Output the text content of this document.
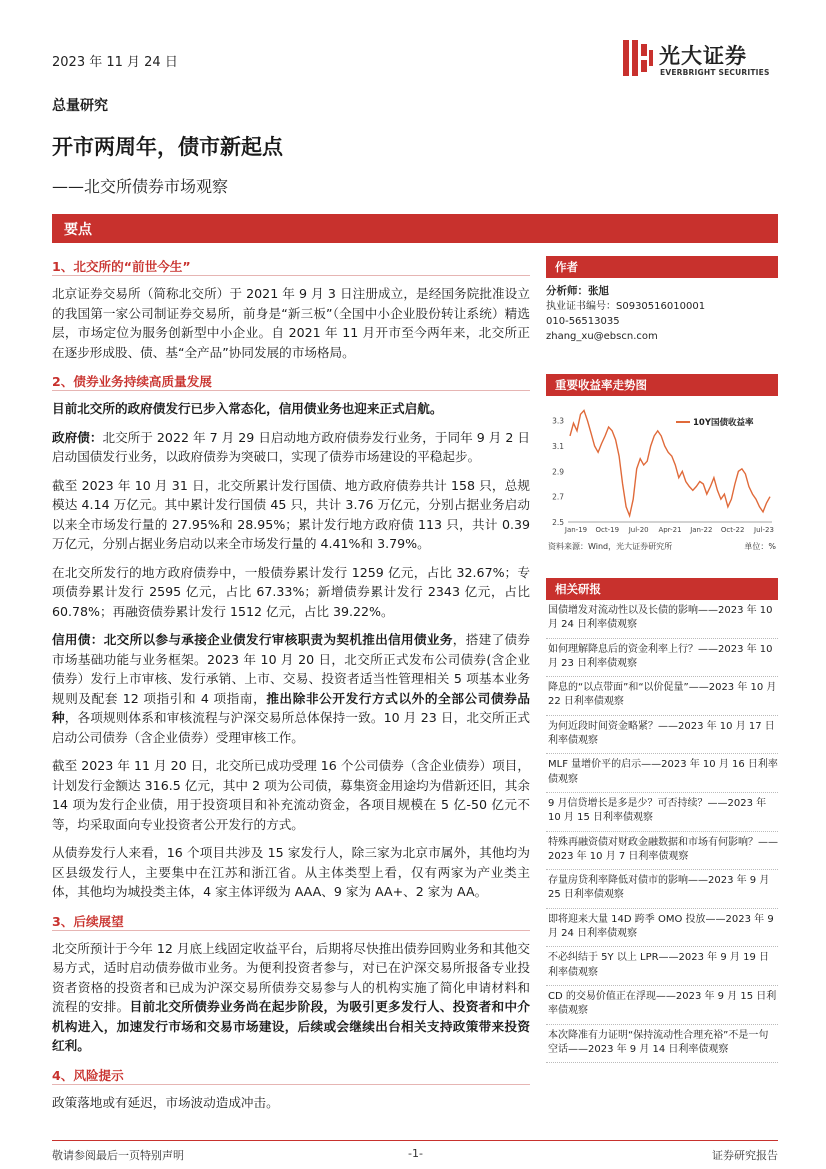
2023 年 11 月 24 日	光大证券
EVERBRIGHT SECURITIES
总量研究
开市两周年，债市新起点
——北交所债券市场观察
要点
1、北交所的“前世今生”
北京证券交易所（简称北交所）于 2021 年 9 月 3 日注册成立，是经国务院批准设立的我国第一家公司制证券交易所，前身是“新三板”（全国中小企业股份转让系统）精选层，市场定位为服务创新型中小企业。自 2021 年 11 月开市至今两年来，北交所正在逐步形成股、债、基“全产品”协同发展的市场格局。
2、债券业务持续高质量发展
目前北交所的政府债发行已步入常态化，信用债业务也迎来正式启航。
政府债：北交所于 2022 年 7 月 29 日启动地方政府债券发行业务，于同年 9 月 2 日启动国债发行业务，以政府债券为突破口，实现了债券市场建设的平稳起步。
截至 2023 年 10 月 31 日，北交所累计发行国债、地方政府债券共计 158 只，总规模达 4.14 万亿元。其中累计发行国债 45 只，共计 3.76 万亿元，分别占据业务启动以来全市场发行量的 27.95%和 28.95%；累计发行地方政府债 113 只，共计 0.39 万亿元，分别占据业务启动以来全市场发行量的 4.41%和 3.79%。
在北交所发行的地方政府债券中，一般债券累计发行 1259 亿元，占比 32.67%；专项债券累计发行 2595 亿元，占比 67.33%；新增债券累计发行 2343 亿元，占比 60.78%；再融资债券累计发行 1512 亿元，占比 39.22%。
信用债：北交所以参与承接企业债发行审核职责为契机推出信用债业务，搭建了债券市场基础功能与业务框架。2023 年 10 月 20 日，北交所正式发布公司债券(含企业债券）发行上市审核、发行承销、上市、交易、投资者适当性管理相关 5 项基本业务规则及配套 12 项指引和 4 项指南，推出除非公开发行方式以外的全部公司债券品种，各项规则体系和审核流程与沪深交易所总体保持一致。10 月 23 日，北交所正式启动公司债券（含企业债券）受理审核工作。
截至 2023 年 11 月 20 日，北交所已成功受理 16 个公司债券（含企业债券）项目，计划发行金额达 316.5 亿元，其中 2 项为公司债，募集资金用途均为借新还旧，其余 14 项为发行企业债，用于投资项目和补充流动资金，各项目规模在 5 亿-50 亿元不等，均采取面向专业投资者公开发行的方式。
从债券发行人来看，16 个项目共涉及 15 家发行人，除三家为北京市属外，其他均为区县级发行人，主要集中在江苏和浙江省。从主体类型上看，仅有两家为产业类主体，其他均为城投类主体，4 家主体评级为 AAA、9 家为 AA+、2 家为 AA。
3、后续展望
北交所预计于今年 12 月底上线固定收益平台，后期将尽快推出债券回购业务和其他交易方式，适时启动债券做市业务。为便利投资者参与，对已在沪深交易所报备专业投资者资格的投资者和已成为沪深交易所债券交易参与人的机构实施了简化申请材料和流程的安排。目前北交所债券业务尚在起步阶段，为吸引更多发行人、投资者和中介机构进入，加速发行市场和交易市场建设，后续或会继续出台相关支持政策带来投资红利。
4、风险提示
政策落地或有延迟，市场波动造成冲击。
作者
分析师：张旭
执业证书编号：S0930516010001
010-56513035
zhang_xu@ebscn.com
重要收益率走势图
2.5
2.7
2.9
3.1
3.3
Jan-19 Oct-19 Jul-20 Apr-21 Jan-22 Oct-22 Jul-23
10Y国债收益率
资料来源：Wind，光大证券研究所	单位：%
相关研报
国债增发对流动性以及长债的影响——2023 年 10 月 24 日利率债观察
如何理解降息后的资金利率上行？——2023 年 10 月 23 日利率债观察
降息的“以点带面”和“以价促量”——2023 年 10 月 22 日利率债观察
为何近段时间资金略紧？——2023 年 10 月 17 日利率债观察
MLF 量增价平的启示——2023 年 10 月 16 日利率债观察
9 月信贷增长是多是少？可否持续？——2023 年 10 月 15 日利率债观察
特殊再融资债对财政金融数据和市场有何影响？——2023 年 10 月 7 日利率债观察
存量房贷利率降低对债市的影响——2023 年 9 月 25 日利率债观察
即将迎来大量 14D 跨季 OMO 投放——2023 年 9 月 24 日利率债观察
不必纠结于 5Y 以上 LPR——2023 年 9 月 19 日利率债观察
CD 的交易价值正在浮现——2023 年 9 月 15 日利率债观察
本次降准有力证明“保持流动性合理充裕”不是一句空话——2023 年 9 月 14 日利率债观察
敬请参阅最后一页特别声明	-1-	证券研究报告
